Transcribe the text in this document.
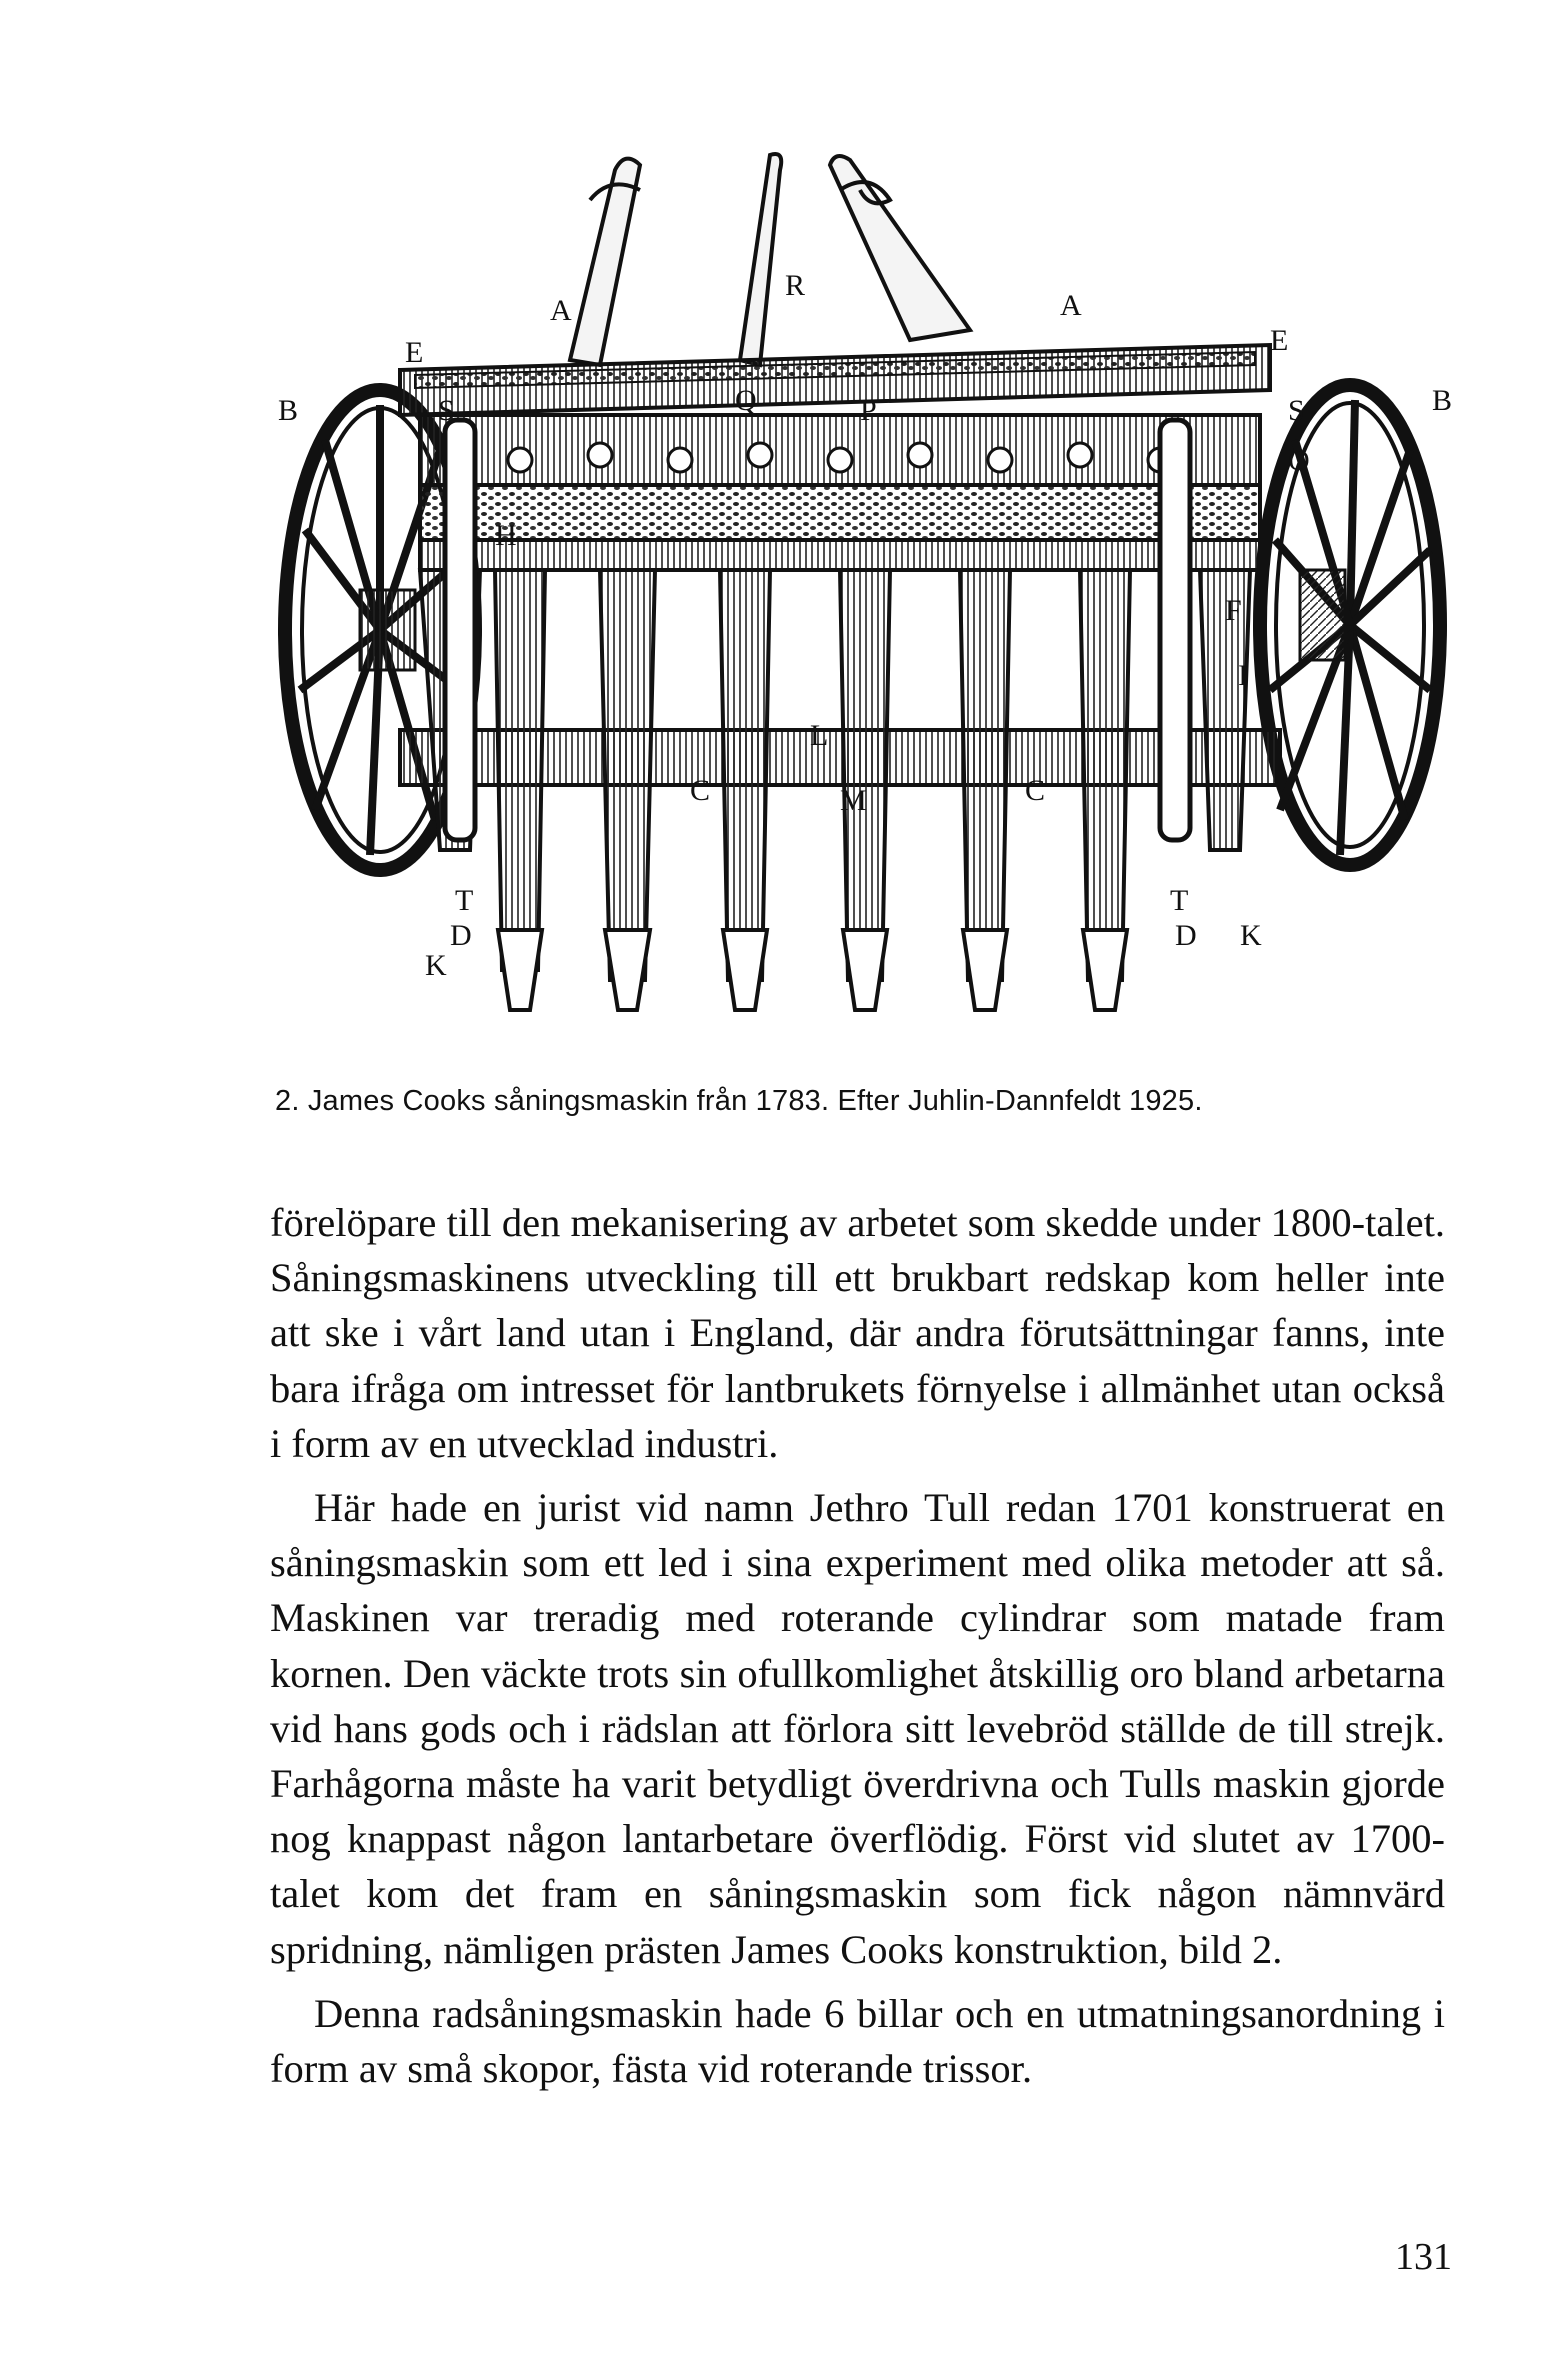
B	B
E	E
A	A
R
S	S
O
F
I
L
C	C
M
T	T
D	D
K
K
H
P
Q
2. James Cooks såningsmaskin från 1783. Efter Juhlin-Dannfeldt 1925.

förelöpare till den mekanisering av arbetet som skedde under 1800-talet. Såningsmaskinens utveckling till ett brukbart redskap kom heller inte att ske i vårt land utan i England, där andra förutsättningar fanns, inte bara ifråga om intresset för lantbrukets förnyelse i allmänhet utan också i form av en utvecklad industri.

Här hade en jurist vid namn Jethro Tull redan 1701 konstruerat en såningsmaskin som ett led i sina experiment med olika metoder att så. Maskinen var treradig med roterande cylindrar som matade fram kornen. Den väckte trots sin ofullkomlighet åtskillig oro bland arbetarna vid hans gods och i rädslan att förlora sitt levebröd ställde de till strejk. Farhågorna måste ha varit betydligt överdrivna och Tulls maskin gjorde nog knappast någon lantarbetare överflödig. Först vid slutet av 1700-talet kom det fram en såningsmaskin som fick någon nämnvärd spridning, nämligen prästen James Cooks konstruktion, bild 2.

Denna radsåningsmaskin hade 6 billar och en utmatningsanordning i form av små skopor, fästa vid roterande trissor.

131
